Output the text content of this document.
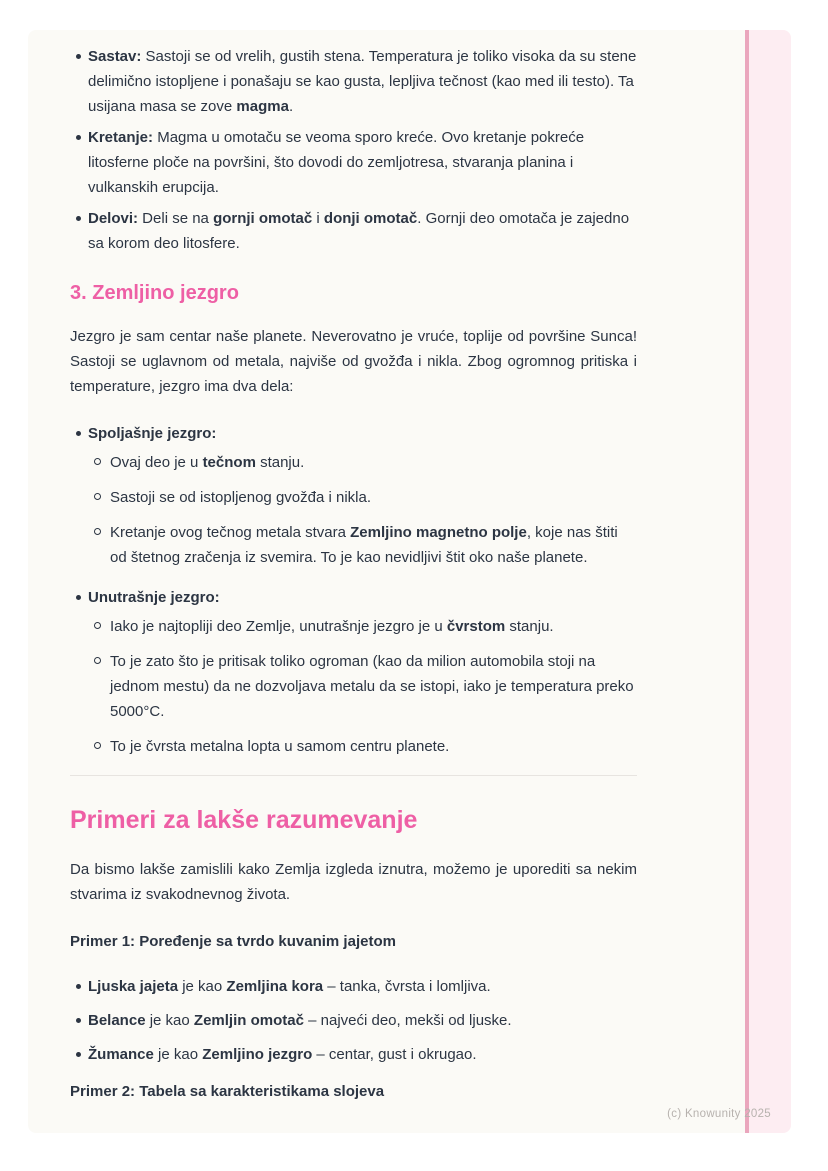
Sastav: Sastoji se od vrelih, gustih stena. Temperatura je toliko visoka da su stene delimično istopljene i ponašaju se kao gusta, lepljiva tečnost (kao med ili testo). Ta usijana masa se zove magma.
Kretanje: Magma u omotaču se veoma sporo kreće. Ovo kretanje pokreće litosferne ploče na površini, što dovodi do zemljotresa, stvaranja planina i vulkanskih erupcija.
Delovi: Deli se na gornji omotač i donji omotač. Gornji deo omotača je zajedno sa korom deo litosfere.
3. Zemljino jezgro

Jezgro je sam centar naše planete. Neverovatno je vruće, toplije od površine Sunca! Sastoji se uglavnom od metala, najviše od gvožđa i nikla. Zbog ogromnog pritiska i temperature, jezgro ima dva dela:

Spoljašnje jezgro:
Ovaj deo je u tečnom stanju.
Sastoji se od istopljenog gvožđa i nikla.
Kretanje ovog tečnog metala stvara Zemljino magnetno polje, koje nas štiti od štetnog zračenja iz svemira. To je kao nevidljivi štit oko naše planete.
Unutrašnje jezgro:
Iako je najtopliji deo Zemlje, unutrašnje jezgro je u čvrstom stanju.
To je zato što je pritisak toliko ogroman (kao da milion automobila stoji na jednom mestu) da ne dozvoljava metalu da se istopi, iako je temperatura preko 5000°C.
To je čvrsta metalna lopta u samom centru planete.
Primeri za lakše razumevanje

Da bismo lakše zamislili kako Zemlja izgleda iznutra, možemo je uporediti sa nekim stvarima iz svakodnevnog života.

Primer 1: Poređenje sa tvrdo kuvanim jajetom

Ljuska jajeta je kao Zemljina kora – tanka, čvrsta i lomljiva.
Belance je kao Zemljin omotač – najveći deo, mekši od ljuske.
Žumance je kao Zemljino jezgro – centar, gust i okrugao.

Primer 2: Tabela sa karakteristikama slojeva

(c) Knowunity 2025
